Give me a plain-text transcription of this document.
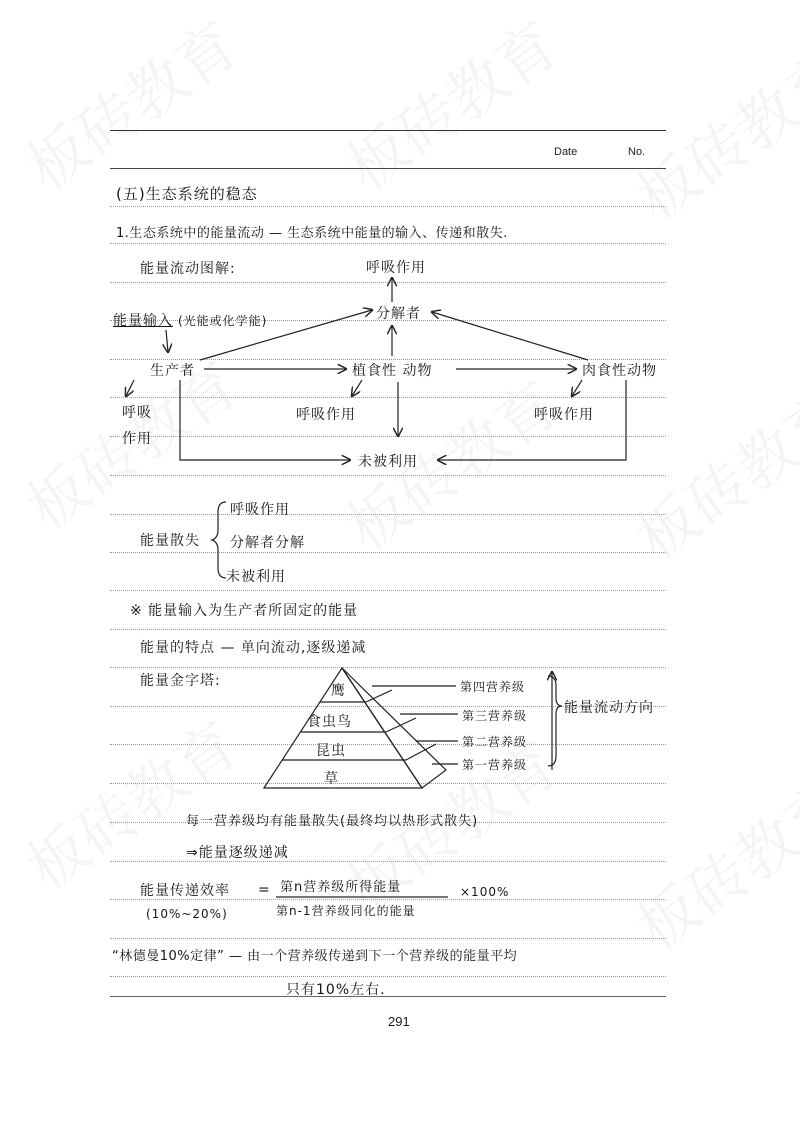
Date	No.
(五)生态系统的稳态
1.生态系统中的能量流动 — 生态系统中能量的输入、传递和散失.
能量流动图解:	呼吸作用
能量输入 (光能或化学能)	分解者
生产者	植食性 动物	肉食性动物
呼吸
作用
呼吸作用	呼吸作用
未被利用
能量散失
呼吸作用
分解者分解
未被利用
※ 能量输入为生产者所固定的能量
能量的特点 — 单向流动,逐级递减
能量金字塔:
鹰
食虫鸟
昆虫
草
第四营养级
第三营养级
第二营养级
第一营养级
能量流动方向
每一营养级均有能量散失(最终均以热形式散失)
⇒能量逐级递减
能量传递效率
(10%~20%)
= 第n营养级所得能量
第n-1营养级同化的能量
×100%
“林德曼10%定律” — 由一个营养级传递到下一个营养级的能量平均
只有10%左右.
291
